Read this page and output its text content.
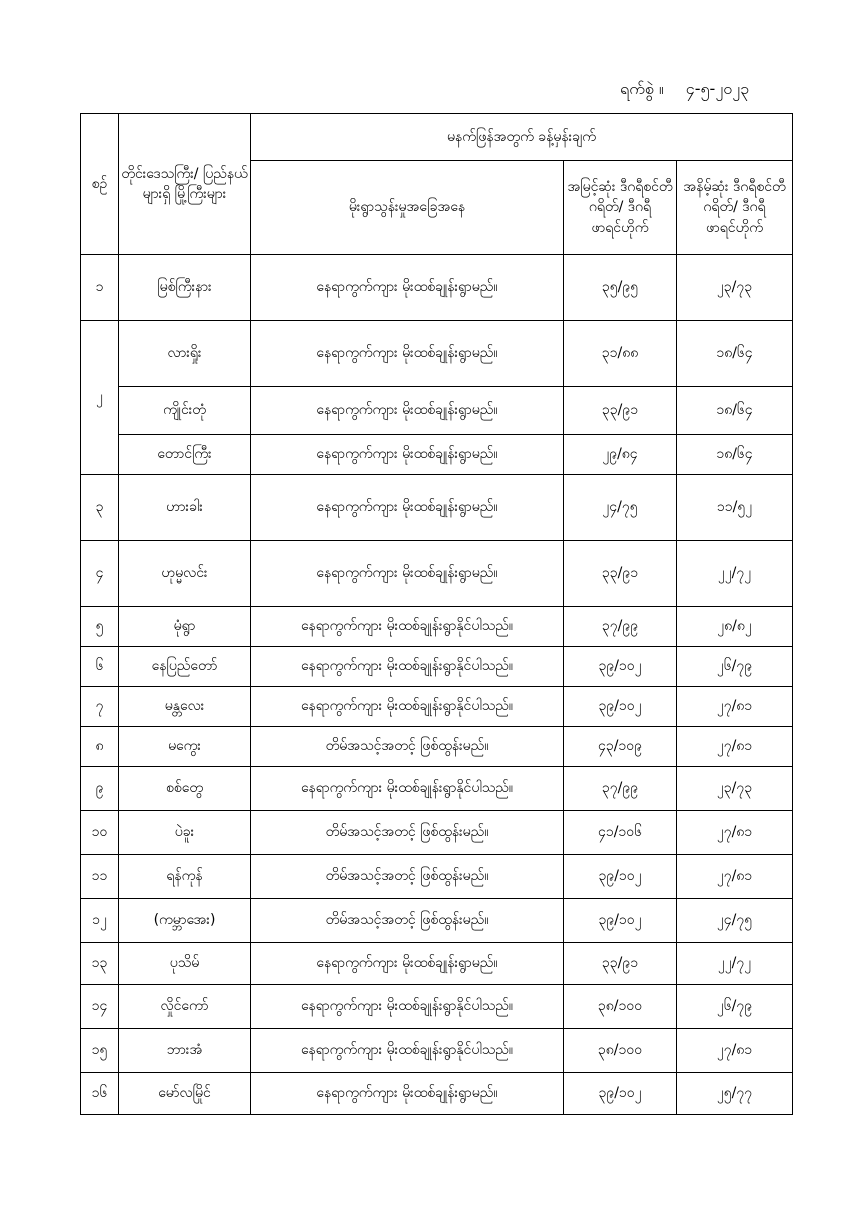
ရက်စွဲ ။ ၄-၅-၂၀၂၃
စဉ်	တိုင်းဒေသကြီး/ ပြည်နယ်များရှိ မြို့ကြီးများ	မနက်ဖြန်အတွက် ခန့်မှန်းချက်		
		မိုးရွာသွန်းမှုအခြေအနေ	အမြင့်ဆုံး ဒီဂရီစင်တီဂရိတ်/ ဒီဂရီဖာရင်ဟိုက်	အနိမ့်ဆုံး ဒီဂရီစင်တီဂရိတ်/ ဒီဂရီဖာရင်ဟိုက်
၁	မြစ်ကြီးနား	နေရာကွက်ကျား မိုးထစ်ချုန်းရွာမည်။	၃၅/၉၅	၂၃/၇၃
၂	လားရှိုး	နေရာကွက်ကျား မိုးထစ်ချုန်းရွာမည်။	၃၁/၈၈	၁၈/၆၄
	ကျိုင်းတုံ	နေရာကွက်ကျား မိုးထစ်ချုန်းရွာမည်။	၃၃/၉၁	၁၈/၆၄
	တောင်ကြီး	နေရာကွက်ကျား မိုးထစ်ချုန်းရွာမည်။	၂၉/၈၄	၁၈/၆၄
၃	ဟားခါး	နေရာကွက်ကျား မိုးထစ်ချုန်းရွာမည်။	၂၄/၇၅	၁၁/၅၂
၄	ဟုမ္မလင်း	နေရာကွက်ကျား မိုးထစ်ချုန်းရွာမည်။	၃၃/၉၁	၂၂/၇၂
၅	မုံရွာ	နေရာကွက်ကျား မိုးထစ်ချုန်းရွာနိုင်ပါသည်။	၃၇/၉၉	၂၈/၈၂
၆	နေပြည်တော်	နေရာကွက်ကျား မိုးထစ်ချုန်းရွာနိုင်ပါသည်။	၃၉/၁၀၂	၂၆/၇၉
၇	မန္တလေး	နေရာကွက်ကျား မိုးထစ်ချုန်းရွာနိုင်ပါသည်။	၃၉/၁၀၂	၂၇/၈၁
၈	မကွေး	တိမ်အသင့်အတင့် ဖြစ်ထွန်းမည်။	၄၃/၁၀၉	၂၇/၈၁
၉	စစ်တွေ	နေရာကွက်ကျား မိုးထစ်ချုန်းရွာနိုင်ပါသည်။	၃၇/၉၉	၂၃/၇၃
၁၀	ပဲခူး	တိမ်အသင့်အတင့် ဖြစ်ထွန်းမည်။	၄၁/၁၀၆	၂၇/၈၁
၁၁	ရန်ကုန်	တိမ်အသင့်အတင့် ဖြစ်ထွန်းမည်။	၃၉/၁၀၂	၂၇/၈၁
၁၂	(ကမ္ဘာအေး)	တိမ်အသင့်အတင့် ဖြစ်ထွန်းမည်။	၃၉/၁၀၂	၂၄/၇၅
၁၃	ပုသိမ်	နေရာကွက်ကျား မိုးထစ်ချုန်းရွာမည်။	၃၃/၉၁	၂၂/၇၂
၁၄	လှိုင်ကော်	နေရာကွက်ကျား မိုးထစ်ချုန်းရွာနိုင်ပါသည်။	၃၈/၁၀၀	၂၆/၇၉
၁၅	ဘားအံ	နေရာကွက်ကျား မိုးထစ်ချုန်းရွာနိုင်ပါသည်။	၃၈/၁၀၀	၂၇/၈၁
၁၆	မော်လမြိုင်	နေရာကွက်ကျား မိုးထစ်ချုန်းရွာမည်။	၃၉/၁၀၂	၂၅/၇၇
